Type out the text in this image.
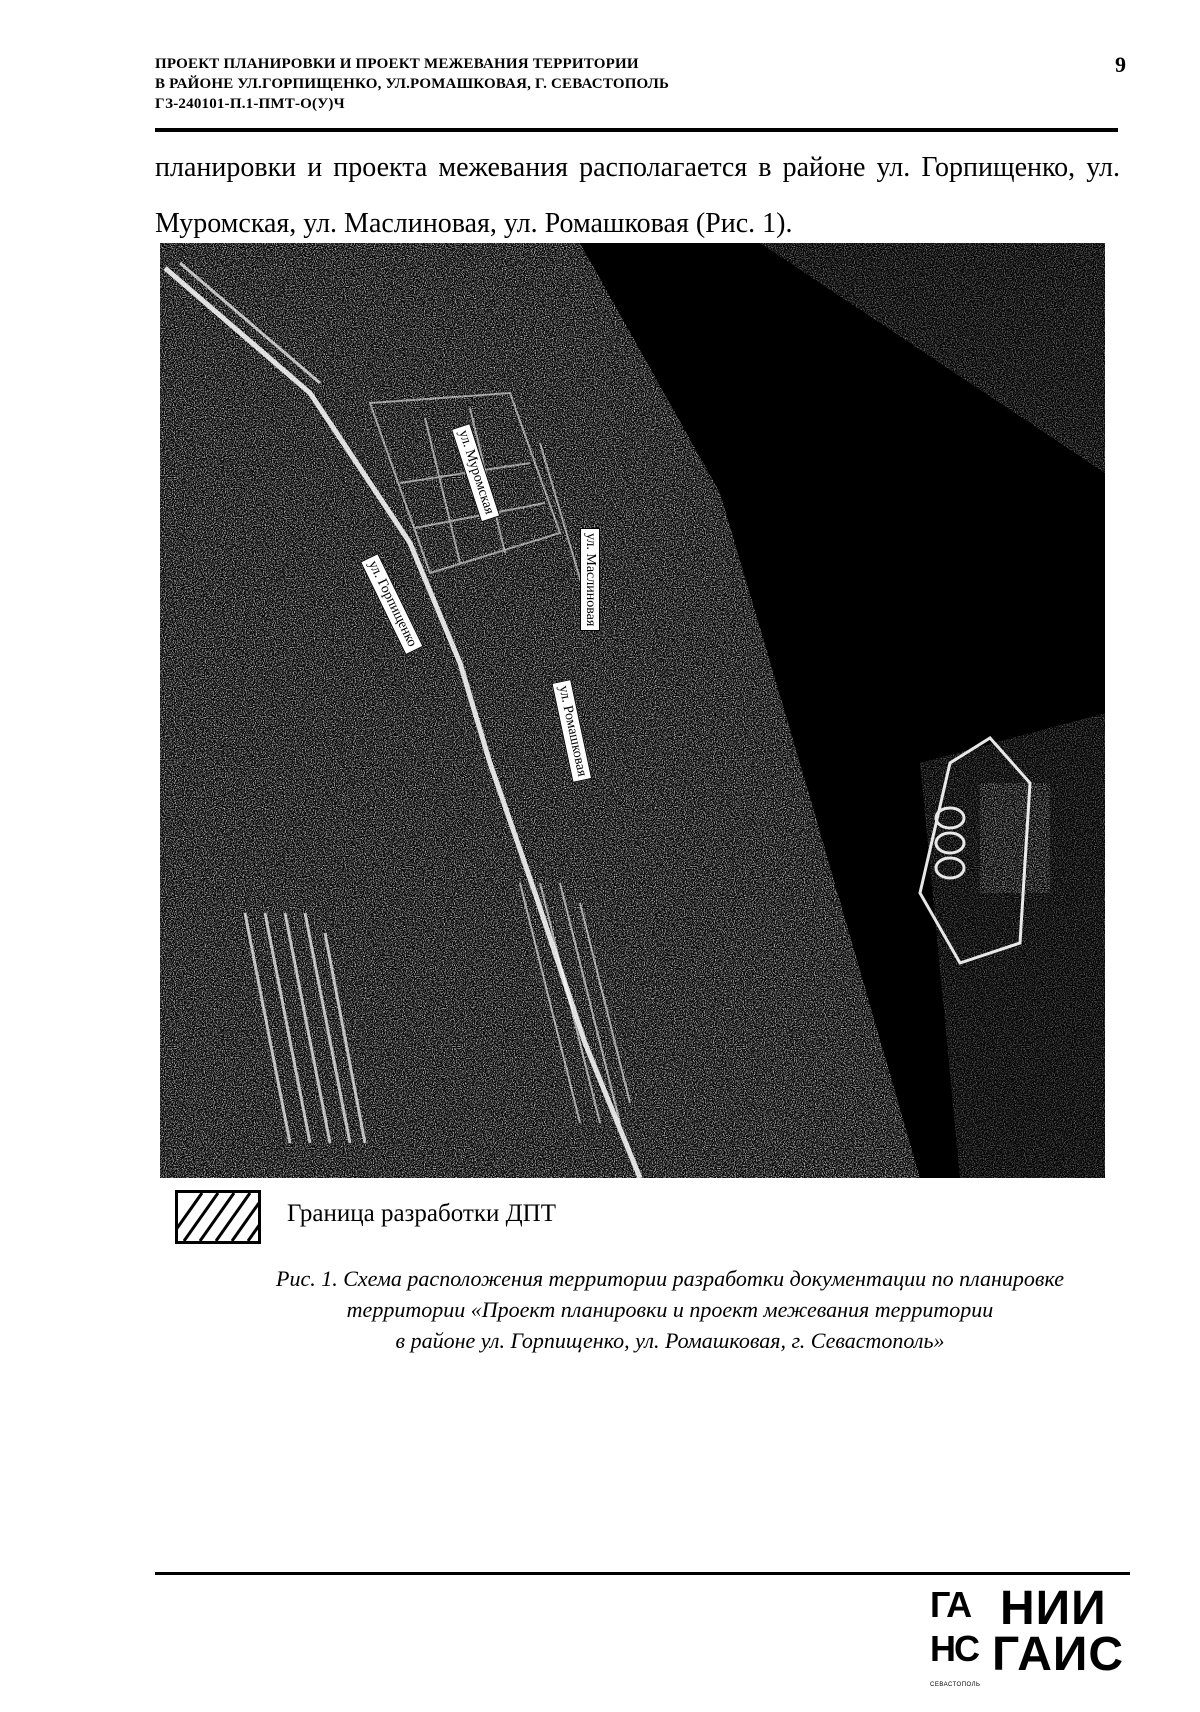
ПРОЕКТ ПЛАНИРОВКИ И ПРОЕКТ МЕЖЕВАНИЯ ТЕРРИТОРИИ
В РАЙОНЕ УЛ.ГОРПИЩЕНКО, УЛ.РОМАШКОВАЯ, Г. СЕВАСТОПОЛЬ
ГЗ-240101-П.1-ПМТ-О(У)Ч
9
планировки и проекта межевания располагается в районе ул. Горпищенко, ул.
Муромская, ул. Маслиновая, ул. Ромашковая (Рис. 1).
ул. Муромская
ул. Маслиновая
ул. Горпищенко
ул. Ромашковая
Граница разработки ДПТ
Рис. 1. Схема расположения территории разработки документации по планировке
территории «Проект планировки и проект межевания территории
в районе ул. Горпищенко, ул. Ромашковая, г. Севастополь»
ГА
НС
НИИ
ГАИС
СЕВАСТОПОЛЬ
